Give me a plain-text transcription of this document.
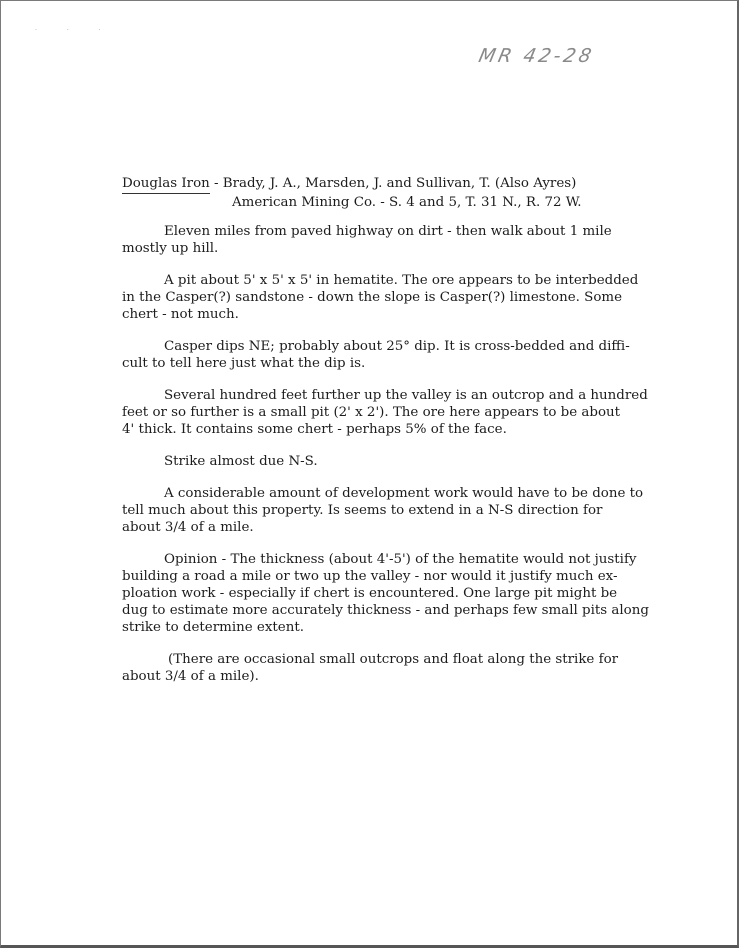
· · ·
MR 42-28
Douglas Iron - Brady, J. A., Marsden, J. and Sullivan, T. (Also Ayres)
American Mining Co. - S. 4 and 5, T. 31 N., R. 72 W.

Eleven miles from paved highway on dirt - then walk about 1 mile
mostly up hill.

A pit about 5' x 5' x 5' in hematite. The ore appears to be interbedded
in the Casper(?) sandstone - down the slope is Casper(?) limestone. Some
chert - not much.

Casper dips NE; probably about 25° dip. It is cross-bedded and diffi-
cult to tell here just what the dip is.

Several hundred feet further up the valley is an outcrop and a hundred
feet or so further is a small pit (2' x 2'). The ore here appears to be about
4' thick. It contains some chert - perhaps 5% of the face.

Strike almost due N-S.

A considerable amount of development work would have to be done to
tell much about this property. Is seems to extend in a N-S direction for
about 3/4 of a mile.

Opinion - The thickness (about 4'-5') of the hematite would not justify
building a road a mile or two up the valley - nor would it justify much ex-
ploation work - especially if chert is encountered. One large pit might be
dug to estimate more accurately thickness - and perhaps few small pits along
strike to determine extent.

(There are occasional small outcrops and float along the strike for
about 3/4 of a mile).
